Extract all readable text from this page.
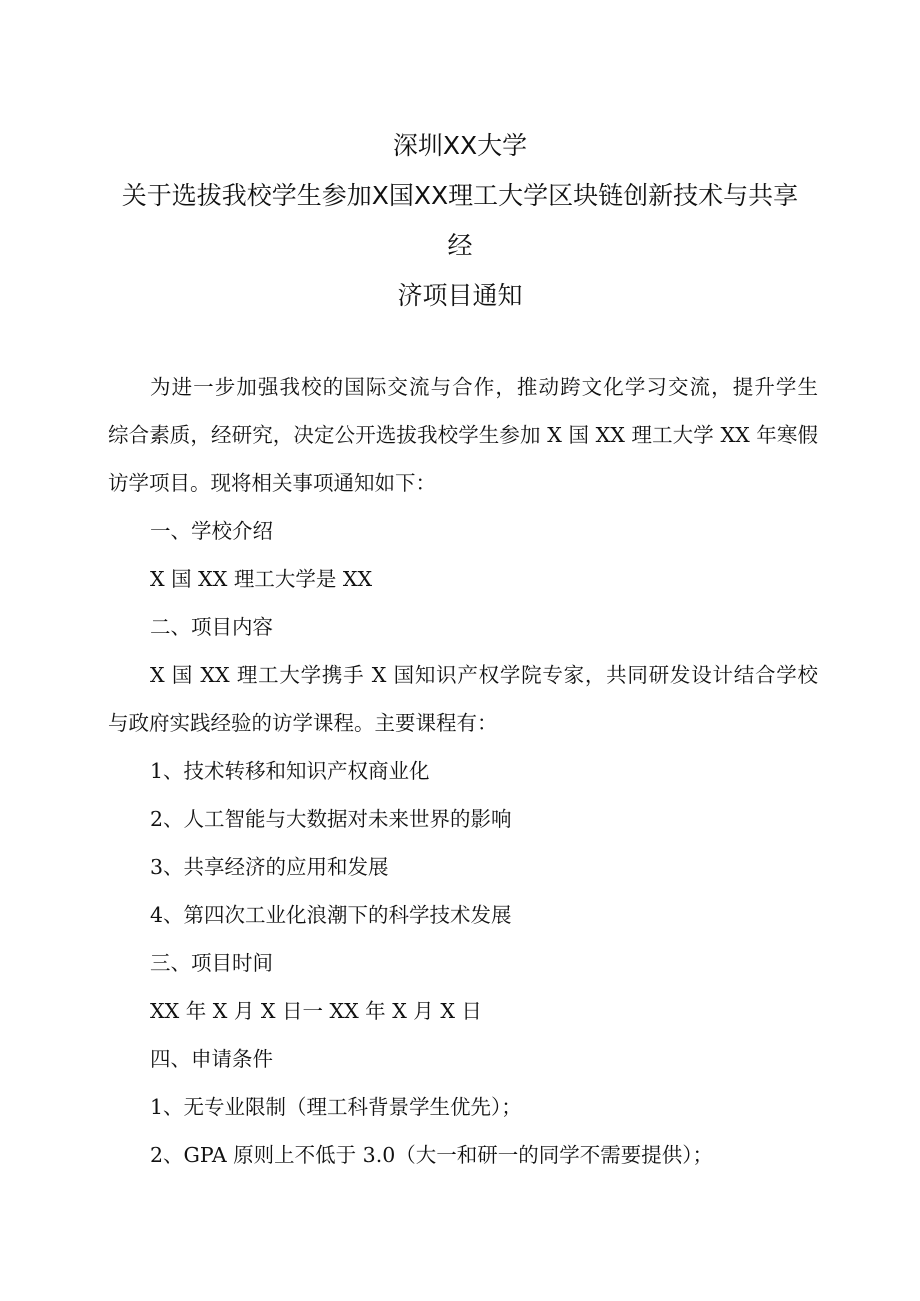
深圳XX大学
关于选拔我校学生参加X国XX理工大学区块链创新技术与共享
经
济项目通知
为进一步加强我校的国际交流与合作，推动跨文化学习交流，提升学生
综合素质，经研究，决定公开选拔我校学生参加 X 国 XX 理工大学 XX 年寒假
访学项目。现将相关事项通知如下：
一、学校介绍
X 国 XX 理工大学是 XX
二、项目内容
X 国 XX 理工大学携手 X 国知识产权学院专家，共同研发设计结合学校
与政府实践经验的访学课程。主要课程有：
1、技术转移和知识产权商业化
2、人工智能与大数据对未来世界的影响
3、共享经济的应用和发展
4、第四次工业化浪潮下的科学技术发展
三、项目时间
XX 年 X 月 X 日一 XX 年 X 月 X 日
四、申请条件
1、无专业限制（理工科背景学生优先）；
2、GPA 原则上不低于 3.0（大一和研一的同学不需要提供）；
